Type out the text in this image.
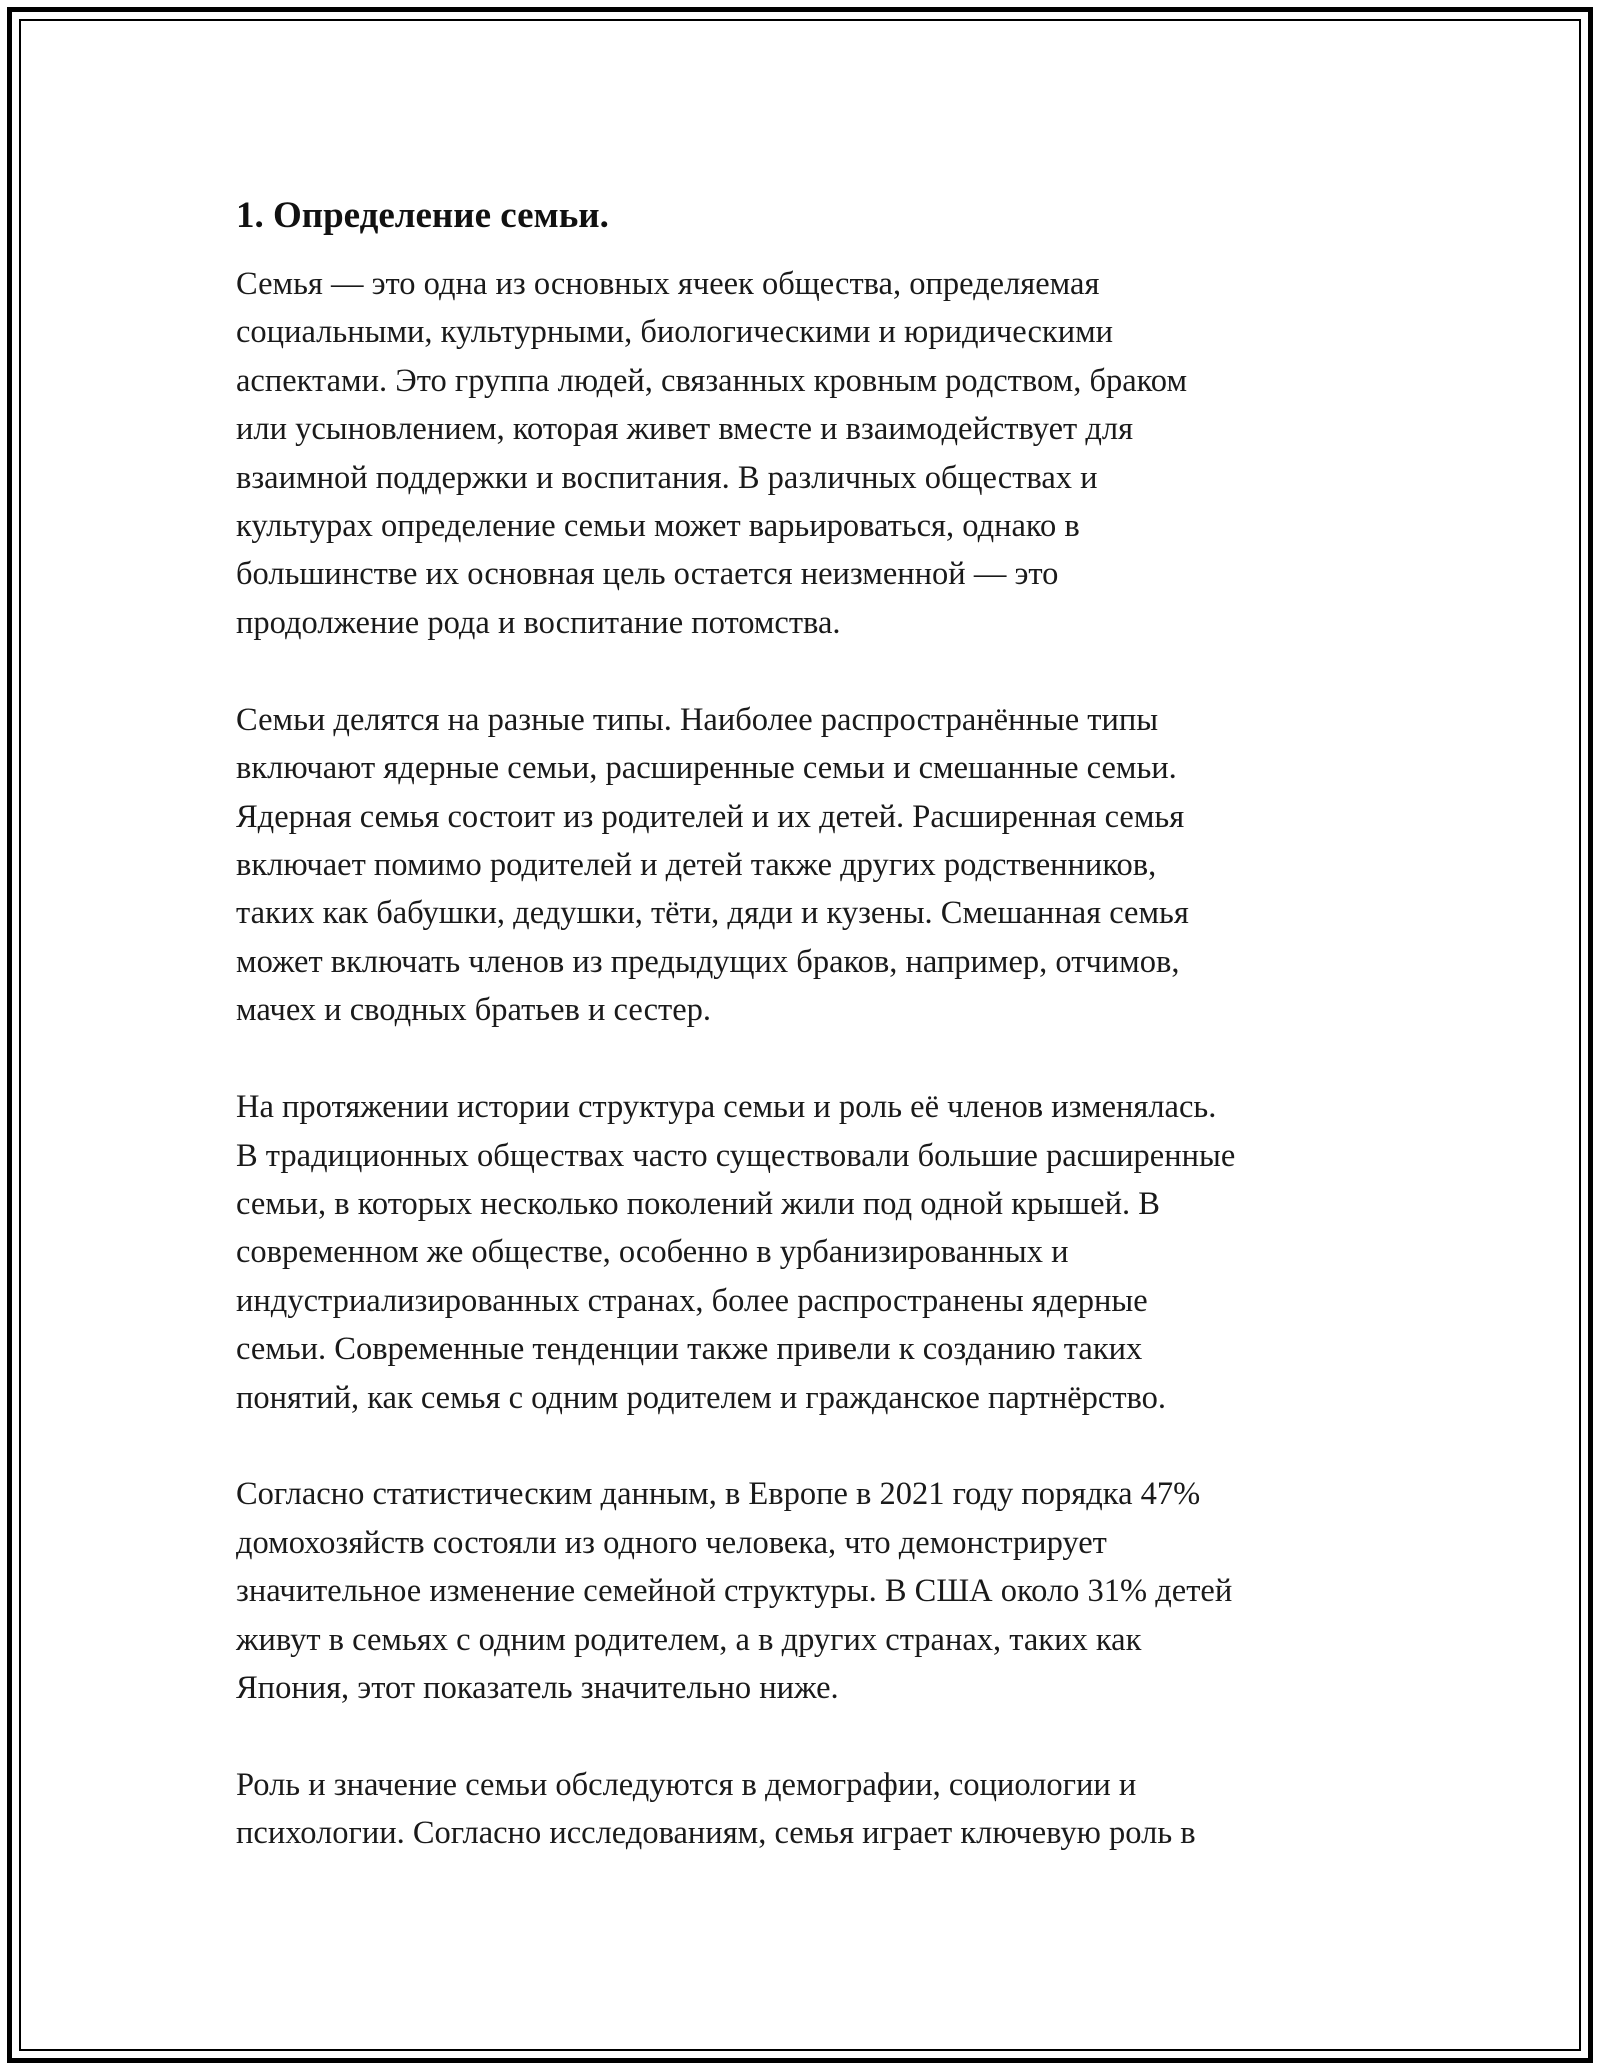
1. Определение семьи.

Семья — это одна из основных ячеек общества, определяемая
социальными, культурными, биологическими и юридическими
аспектами. Это группа людей, связанных кровным родством, браком
или усыновлением, которая живет вместе и взаимодействует для
взаимной поддержки и воспитания. В различных обществах и
культурах определение семьи может варьироваться, однако в
большинстве их основная цель остается неизменной — это
продолжение рода и воспитание потомства.

Семьи делятся на разные типы. Наиболее распространённые типы
включают ядерные семьи, расширенные семьи и смешанные семьи.
Ядерная семья состоит из родителей и их детей. Расширенная семья
включает помимо родителей и детей также других родственников,
таких как бабушки, дедушки, тёти, дяди и кузены. Смешанная семья
может включать членов из предыдущих браков, например, отчимов,
мачех и сводных братьев и сестер.

На протяжении истории структура семьи и роль её членов изменялась.
В традиционных обществах часто существовали большие расширенные
семьи, в которых несколько поколений жили под одной крышей. В
современном же обществе, особенно в урбанизированных и
индустриализированных странах, более распространены ядерные
семьи. Современные тенденции также привели к созданию таких
понятий, как семья с одним родителем и гражданское партнёрство.

Согласно статистическим данным, в Европе в 2021 году порядка 47%
домохозяйств состояли из одного человека, что демонстрирует
значительное изменение семейной структуры. В США около 31% детей
живут в семьях с одним родителем, а в других странах, таких как
Япония, этот показатель значительно ниже.

Роль и значение семьи обследуются в демографии, социологии и
психологии. Согласно исследованиям, семья играет ключевую роль в
